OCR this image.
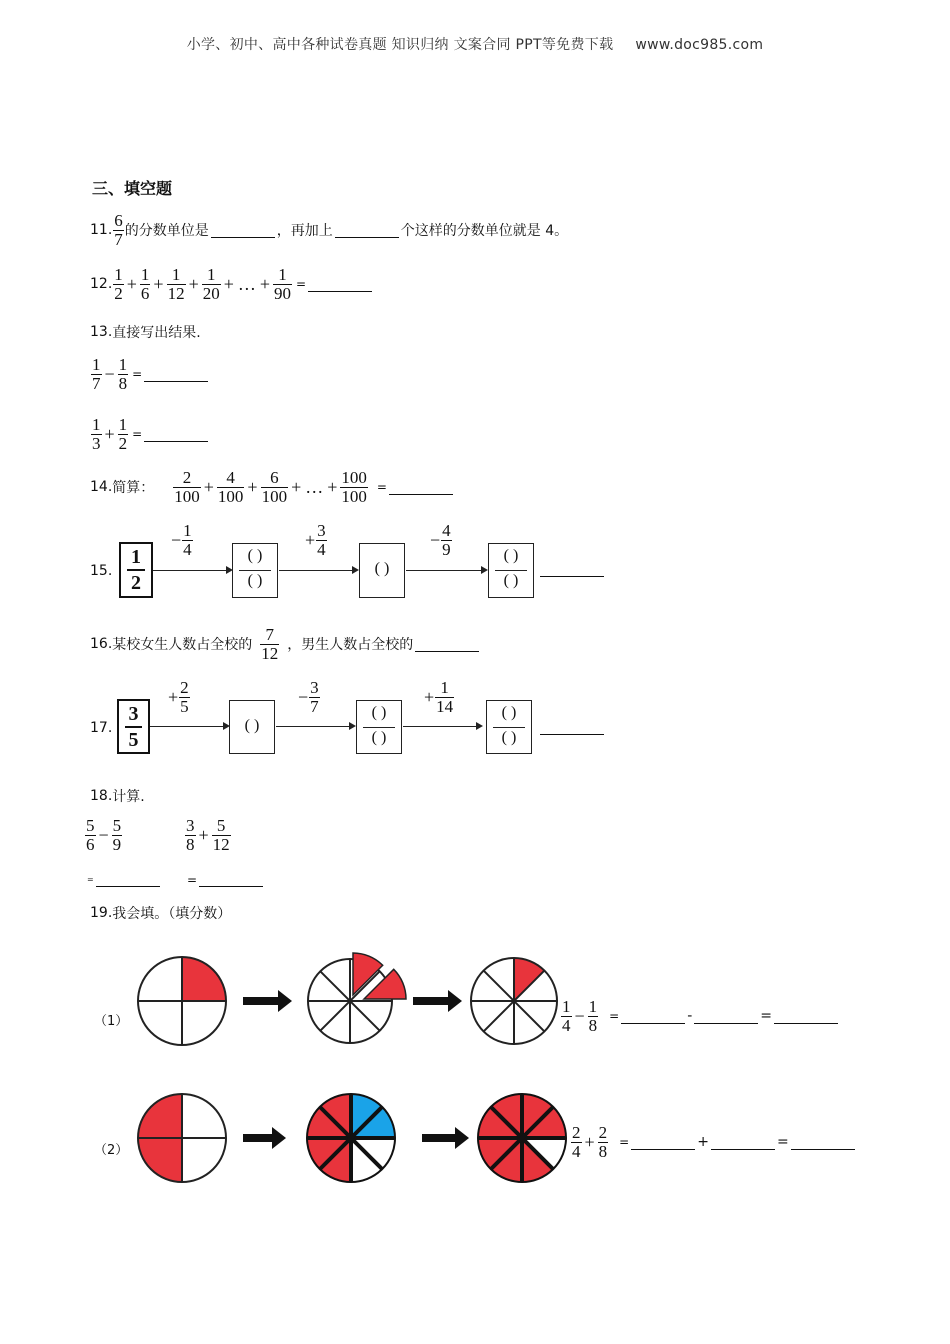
小学、初中、高中各种试卷真题 知识归纳 文案合同 PPT等免费下载 www.doc985.com
三、填空题
11. $\frac{6}{7}$ 的分数单位是	，再加上	个这样的分数单位就是 4。
12. $\frac{1}{2} + \frac{1}{6} + \frac{1}{12} + \frac{1}{20}$ + … + $\frac{1}{90}$ =
13. 直接写出结果.
$\frac{1}{7} - \frac{1}{8}$ =
$\frac{1}{3} + \frac{1}{2}$ =
14. 简算： $\frac{2}{100} + \frac{4}{100} + \frac{6}{100}$ + … + $\frac{100}{100}$ =
15.
1
2
− $\frac{1}{4}$	( )
( )
+ $\frac{3}{4}$
( )
− $\frac{4}{9}$	( )
( )
16. 某校女生人数占全校的 $\frac{7}{12}$ ，男生人数占全校的
17.
3
5
+ $\frac{2}{5}$
( )
− $\frac{3}{7}$	( )
( )
+ $\frac{1}{14}$	( )
( )
18. 计算.
$\frac{5}{6} - \frac{5}{9}$	$\frac{3}{8} + \frac{5}{12}$
=	=
19. 我会填。（填分数）
（1）	$\frac{1}{4} - \frac{1}{8}$ =	-	=
（2）	$\frac{2}{4} + \frac{2}{8}$ =	+	=
